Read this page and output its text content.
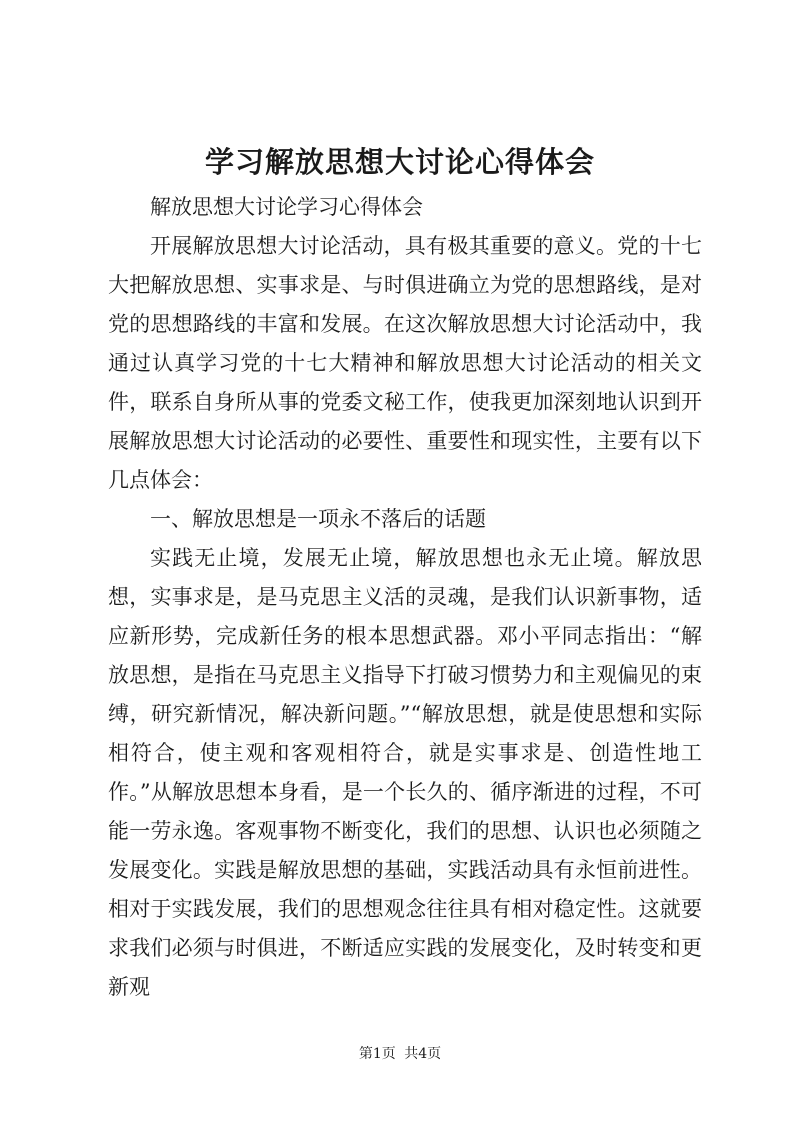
学习解放思想大讨论心得体会

解放思想大讨论学习心得体会

开展解放思想大讨论活动，具有极其重要的意义。党的十七大把解放思想、实事求是、与时俱进确立为党的思想路线，是对党的思想路线的丰富和发展。在这次解放思想大讨论活动中，我通过认真学习党的十七大精神和解放思想大讨论活动的相关文件，联系自身所从事的党委文秘工作，使我更加深刻地认识到开展解放思想大讨论活动的必要性、重要性和现实性，主要有以下几点体会：

一、解放思想是一项永不落后的话题

实践无止境，发展无止境，解放思想也永无止境。解放思想，实事求是，是马克思主义活的灵魂，是我们认识新事物，适应新形势，完成新任务的根本思想武器。邓小平同志指出：“解放思想，是指在马克思主义指导下打破习惯势力和主观偏见的束缚，研究新情况，解决新问题。”“解放思想，就是使思想和实际相符合，使主观和客观相符合，就是实事求是、创造性地工作。”从解放思想本身看，是一个长久的、循序渐进的过程，不可能一劳永逸。客观事物不断变化，我们的思想、认识也必须随之发展变化。实践是解放思想的基础，实践活动具有永恒前进性。相对于实践发展，我们的思想观念往往具有相对稳定性。这就要求我们必须与时俱进，不断适应实践的发展变化，及时转变和更新观

第1页 共4页
